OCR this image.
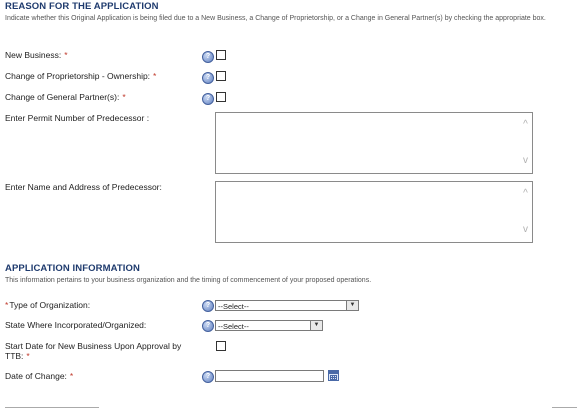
REASON FOR THE APPLICATION
Indicate whether this Original Application is being filed due to a New Business, a Change of Proprietorship, or a Change in General Partner(s) by checking the appropriate box.
New Business: *	?
Change of Proprietorship - Ownership: *	?
Change of General Partner(s): *	?
Enter Permit Number of Predecessor :
^
v
Enter Name and Address of Predecessor:
^
v
APPLICATION INFORMATION
This information pertains to your business organization and the timing of commencement of your proposed operations.
*Type of Organization:	?	--Select--	▼
State Where Incorporated/Organized:	?	--Select--	▼
Start Date for New Business Upon Approval by TTB: *
Date of Change: *	?
